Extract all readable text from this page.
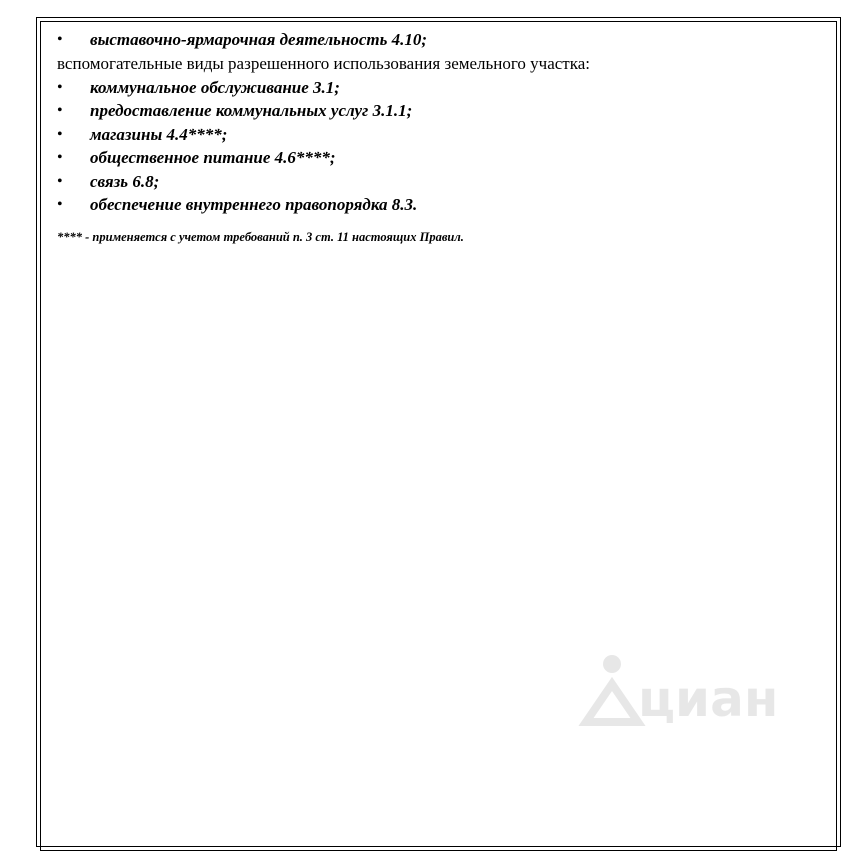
• выставочно-ярмарочная деятельность 4.10;
вспомогательные виды разрешенного использования земельного участка:
• коммунальное обслуживание 3.1;
• предоставление коммунальных услуг 3.1.1;
• магазины 4.4****;
• общественное питание 4.6****;
• связь 6.8;
• обеспечение внутреннего правопорядка 8.3.
**** - применяется с учетом требований п. 3 ст. 11 настоящих Правил.
циан
